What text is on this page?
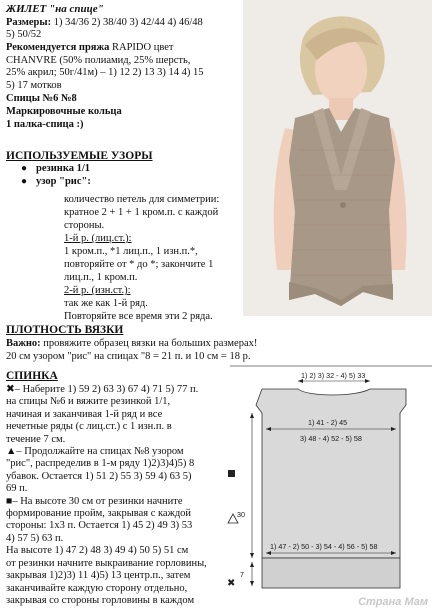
ЖИЛЕТ "на спице"
Размеры: 1) 34/36 2) 38/40 3) 42/44 4) 46/48
5) 50/52
Рекомендуется пряжа RAPIDO цвет
CHANVRE (50% полиамид, 25% шерсть,
25% акрил; 50г/41м) – 1) 12 2) 13 3) 14 4) 15
5) 17 мотков
Спицы №6 №8
Маркировочные кольца
1 палка-спица :)
ИСПОЛЬЗУЕМЫЕ УЗОРЫ
● резинка 1/1
● узор "рис":
количество петель для симметрии:
кратное 2 + 1 + 1 кром.п. с каждой
стороны.
1-й р. (лиц.ст.):
1 кром.п., *1 лиц.п., 1 изн.п.*,
повторяйте от * до *; закончите 1
лиц.п., 1 кром.п.
2-й р. (изн.ст.):
так же как 1-й ряд.
Повторяйте все время эти 2 ряда.
ПЛОТНОСТЬ ВЯЗКИ
Важно: провяжите образец вязки на больших размерах!
20 см узором "рис" на спицах "8 = 21 п. и 10 см = 18 р.
СПИНКА
✖– Наберите 1) 59 2) 63 3) 67 4) 71 5) 77 п.
на спицы №6 и вяжите резинкой 1/1,
начиная и заканчивая 1-й ряд и все
нечетные ряды (с лиц.ст.) с 1 изн.п. в
течение 7 см.
▲– Продолжайте на спицах №8 узором
"рис", распределив в 1-м ряду 1)2)3)4)5) 8
убавок. Остается 1) 51 2) 55 3) 59 4) 63 5)
69 п.
■– На высоте 30 см от резинки начните
формирование пройм, закрывая с каждой
стороны: 1х3 п. Остается 1) 45 2) 49 3) 53
4) 57 5) 63 п.
На высоте 1) 47 2) 48 3) 49 4) 50 5) 51 см
от резинки начните выкраивание горловины,
закрывая 1)2)3) 11 4)5) 13 центр.п., затем
заканчивайте каждую сторону отдельно,
закрывая со стороны горловины в каждом
1) 2) 3) 32 - 4) 5) 33
1) 41 - 2) 45
3) 48 - 4) 52 - 5) 58
30
1) 47 - 2) 50 - 3) 54 - 4) 56 - 5) 58
7
✖
Страна Мам
